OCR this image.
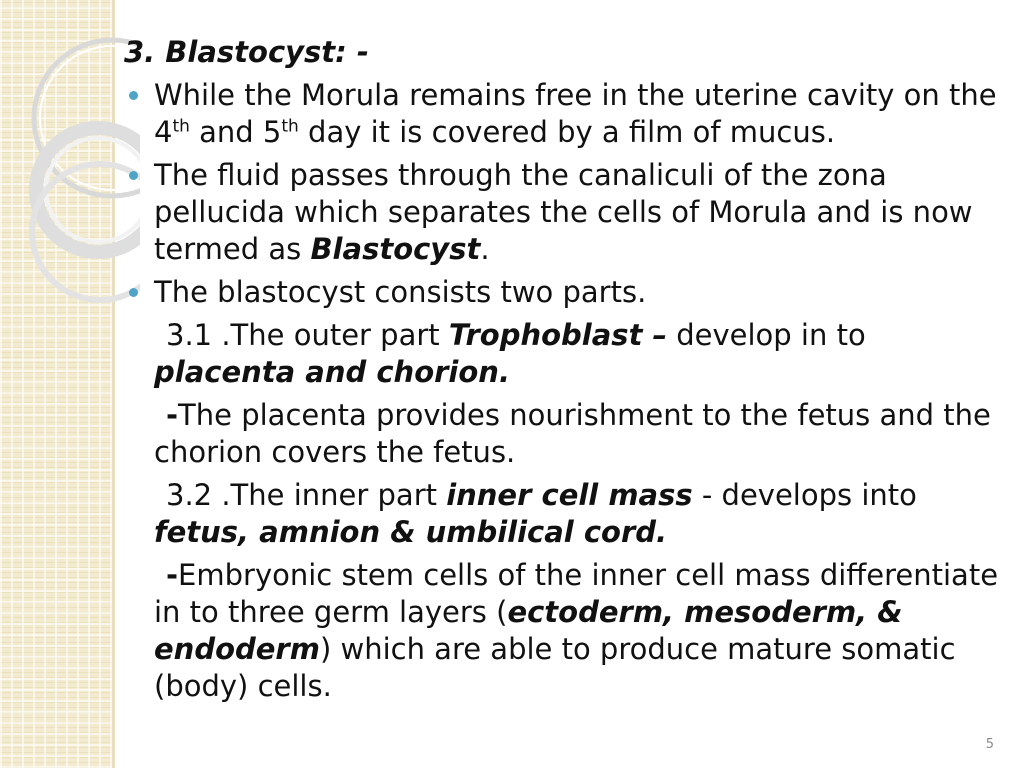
3. Blastocyst: -
While the Morula remains free in the uterine cavity on the 4th and 5th day it is covered by a film of mucus.
The fluid passes through the canaliculi of the zona pellucida which separates the cells of Morula and is now termed as Blastocyst.
The blastocyst consists two parts.
3.1 .The outer part Trophoblast – develop in to
placenta and chorion.
-The placenta provides nourishment to the fetus and the chorion covers the fetus.
3.2 .The inner part inner cell mass - develops into
fetus, amnion & umbilical cord.
-Embryonic stem cells of the inner cell mass differentiate in to three germ layers (ectoderm, mesoderm, & endoderm) which are able to produce mature somatic (body) cells.
5
